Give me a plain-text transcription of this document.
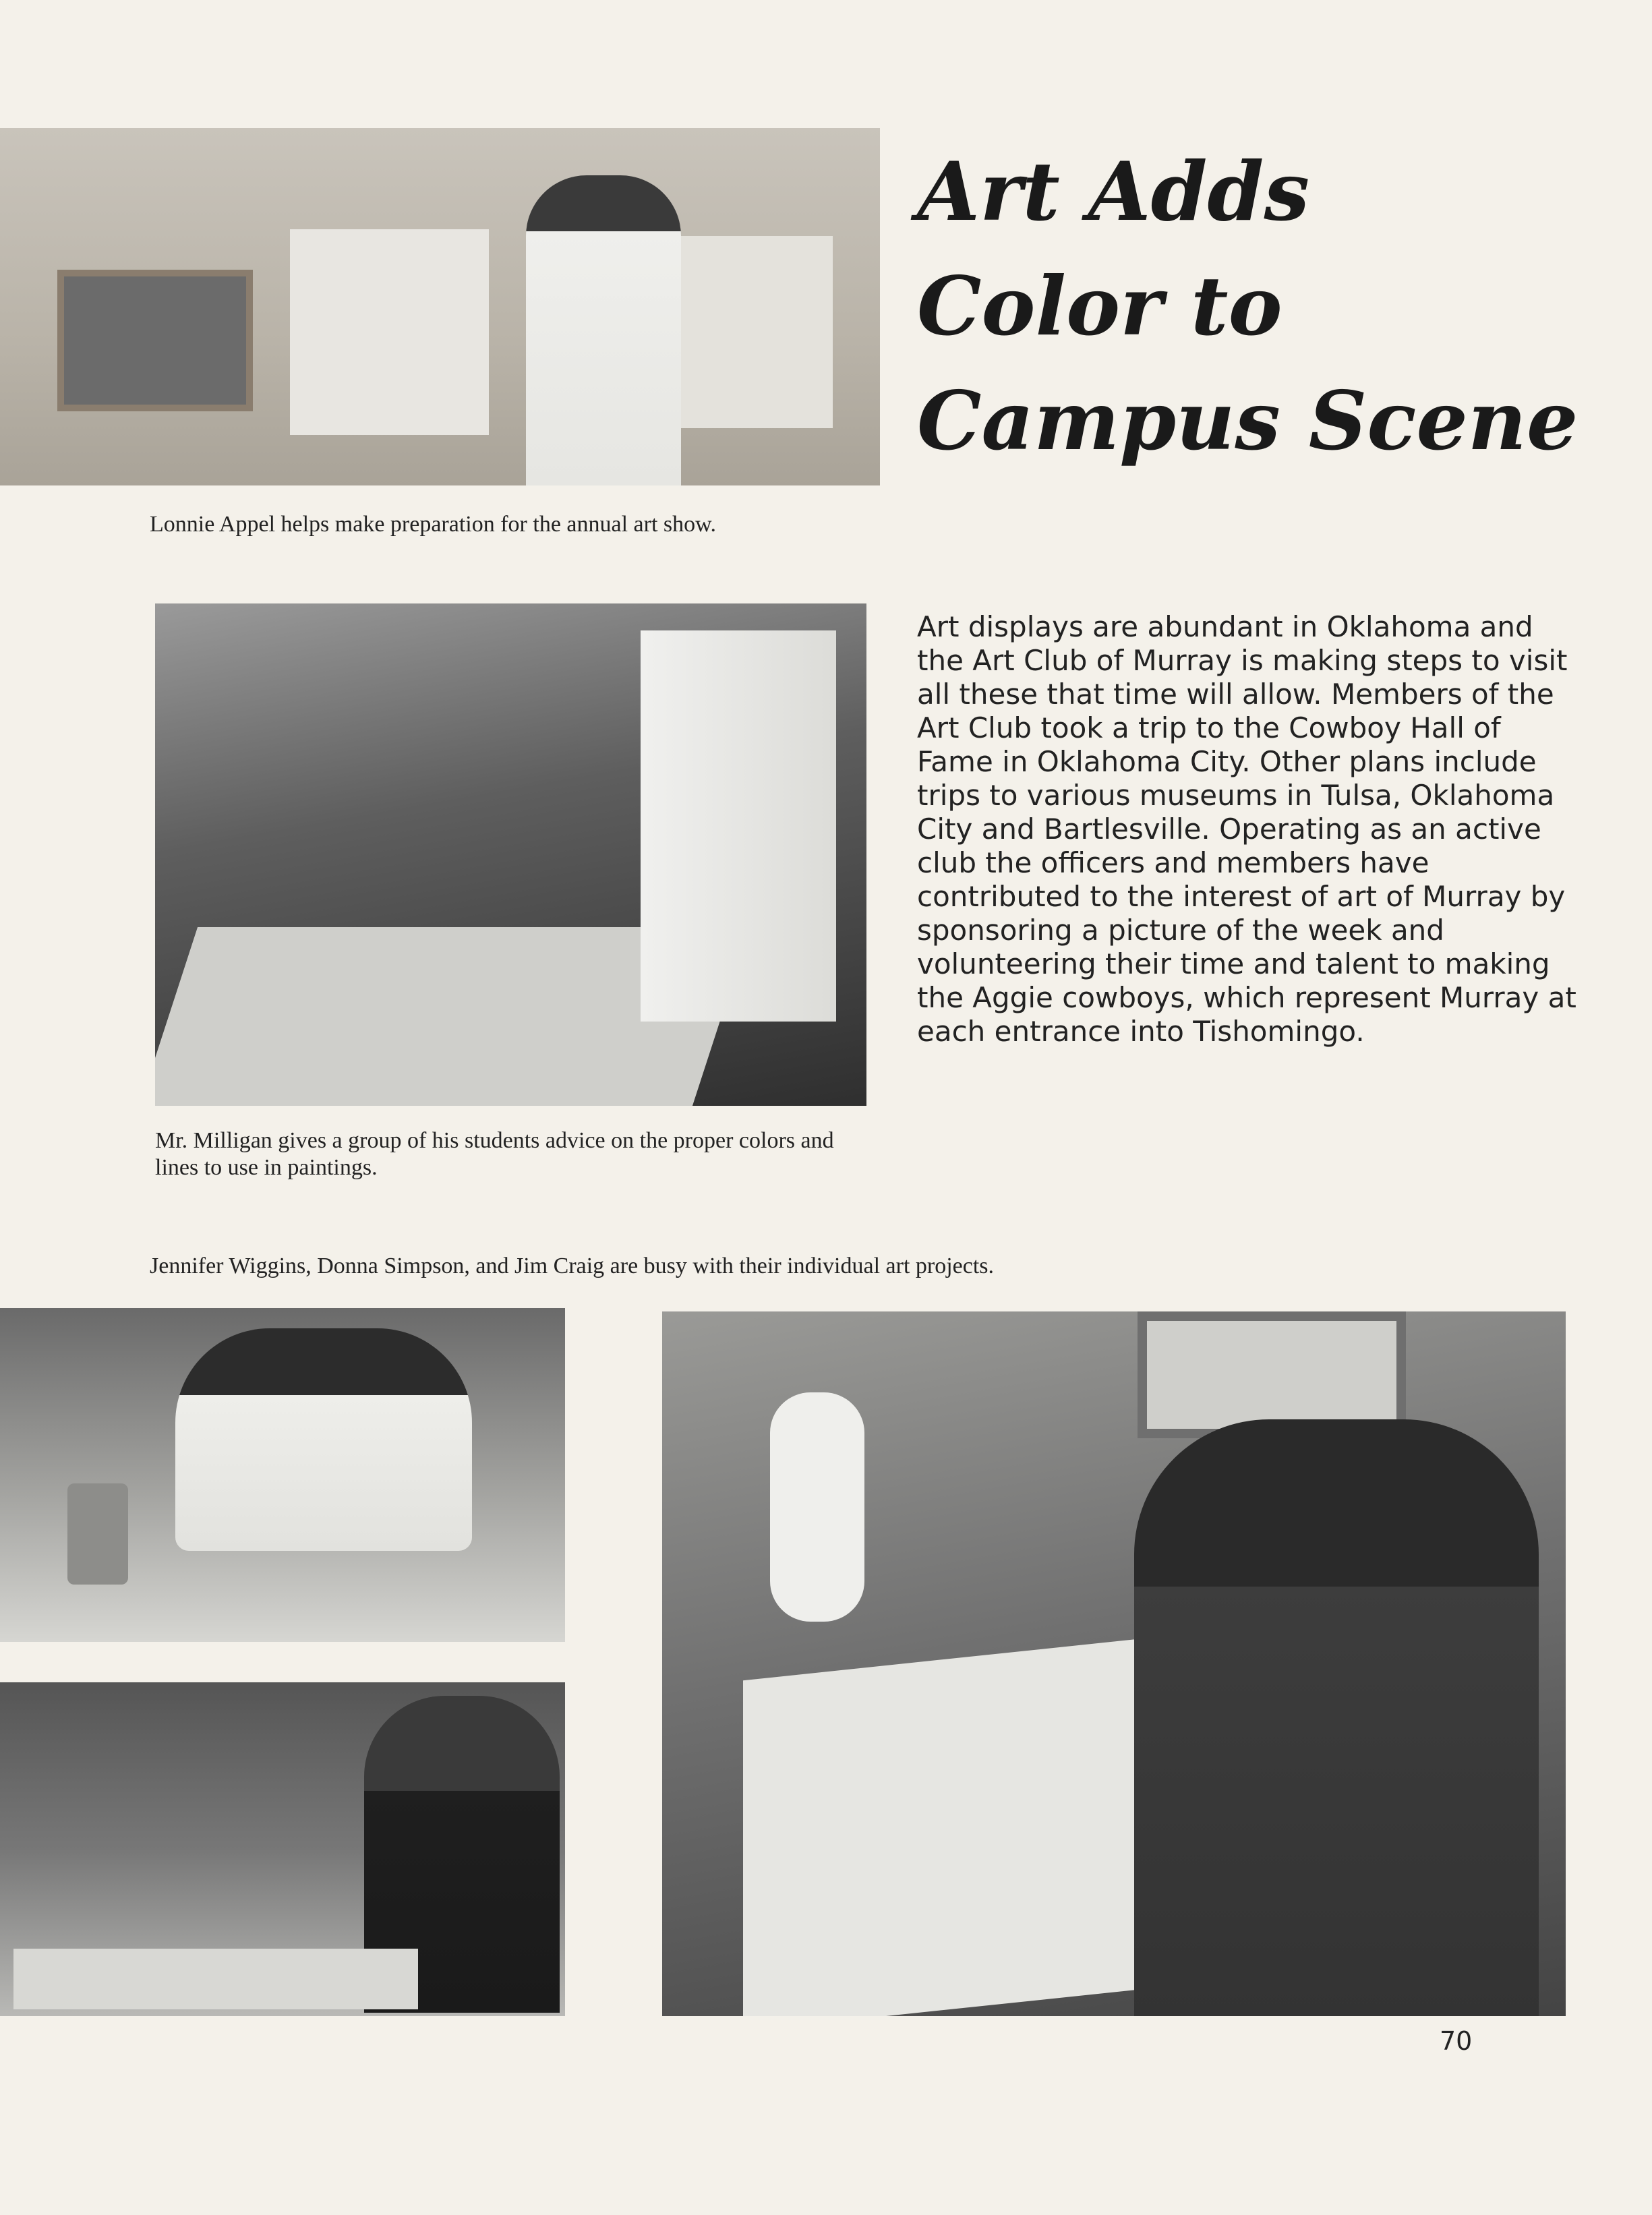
Lonnie Appel helps make preparation for the annual art show.
Art Adds
Color to
Campus Scene
Mr. Milligan gives a group of his students advice on the proper colors and lines to use in paintings.

Art displays are abundant in Oklahoma and the Art Club of Murray is making steps to visit all these that time will allow. Members of the Art Club took a trip to the Cowboy Hall of Fame in Oklahoma City. Other plans include trips to various museums in Tulsa, Oklahoma City and Bartlesville. Operating as an active club the officers and members have contributed to the interest of art of Murray by sponsoring a picture of the week and volunteering their time and talent to making the Aggie cowboys, which represent Murray at each entrance into Tishomingo.

Jennifer Wiggins, Donna Simpson, and Jim Craig are busy with their individual art projects.
70
